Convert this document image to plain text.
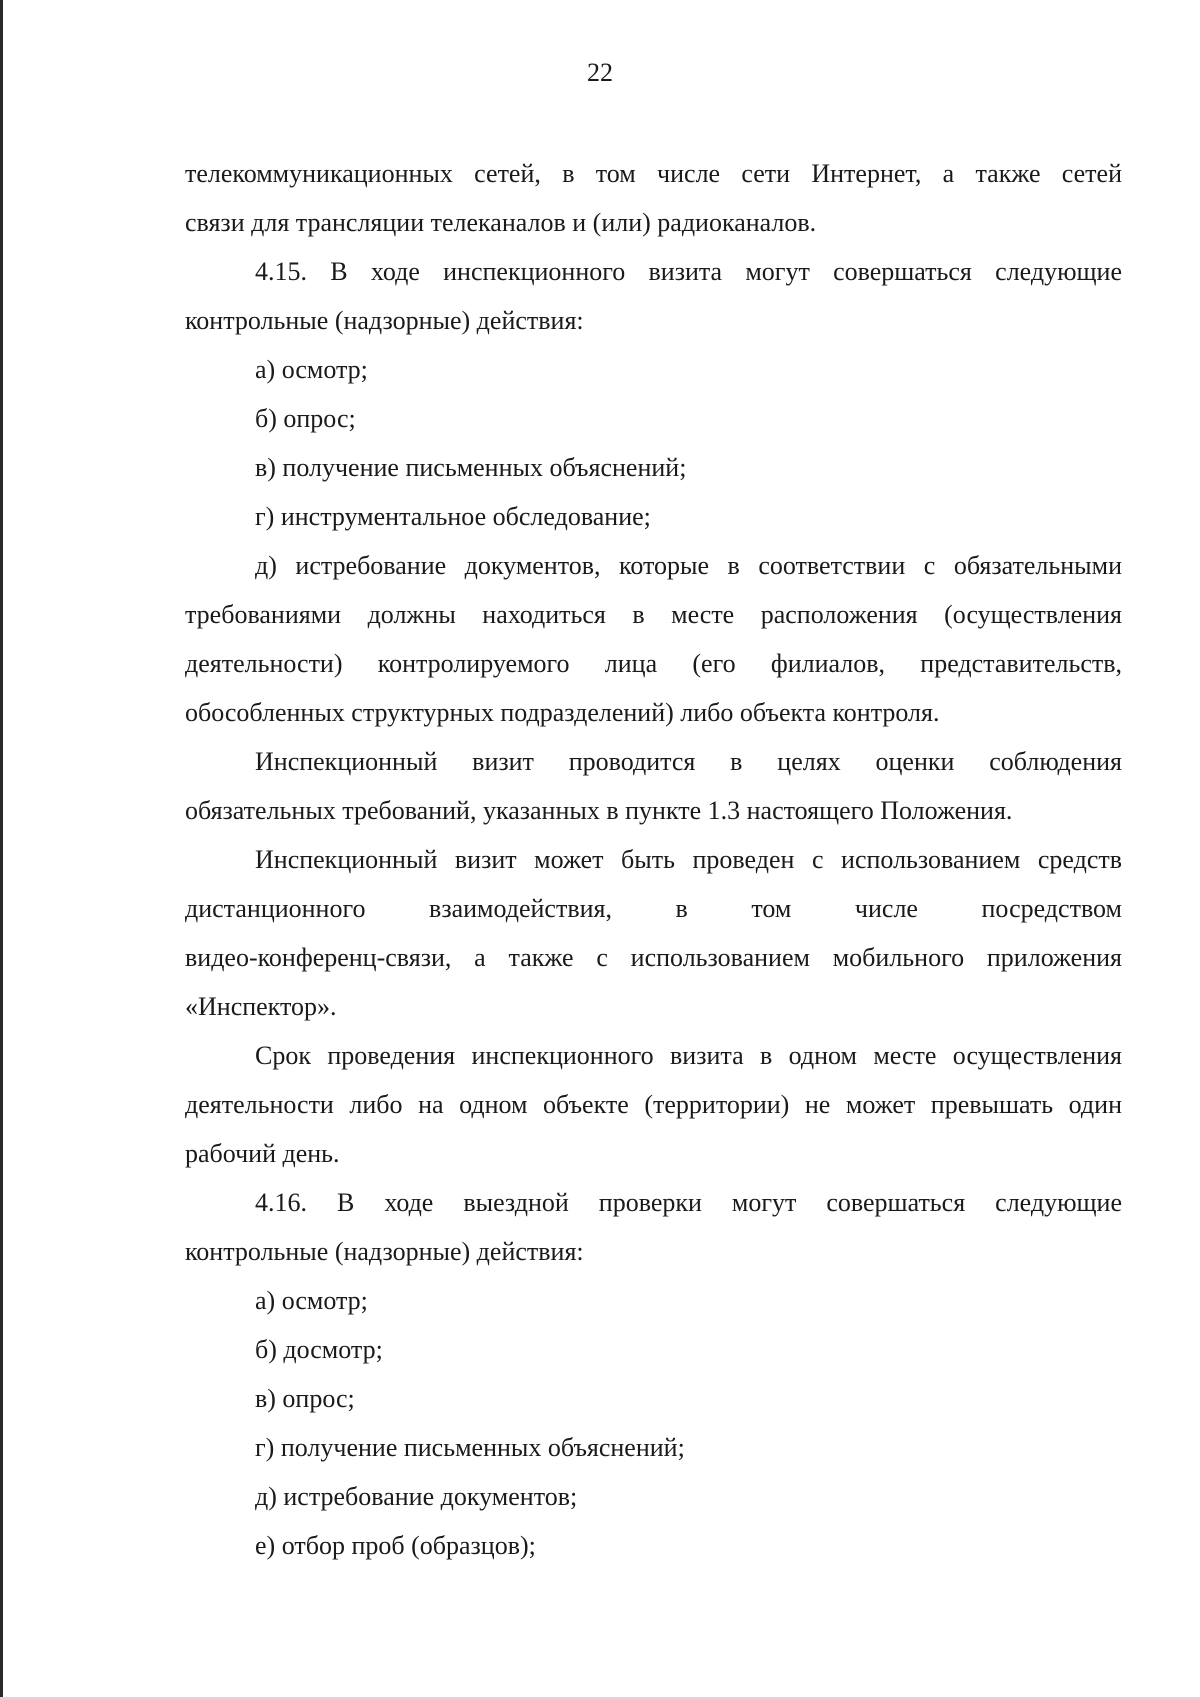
22
телекоммуникационных сетей, в том числе сети Интернет, а также сетей
связи для трансляции телеканалов и (или) радиоканалов.
4.15. В ходе инспекционного визита могут совершаться следующие
контрольные (надзорные) действия:
а) осмотр;
б) опрос;
в) получение письменных объяснений;
г) инструментальное обследование;
д) истребование документов, которые в соответствии с обязательными
требованиями должны находиться в месте расположения (осуществления
деятельности) контролируемого лица (его филиалов, представительств,
обособленных структурных подразделений) либо объекта контроля.
Инспекционный визит проводится в целях оценки соблюдения
обязательных требований, указанных в пункте 1.3 настоящего Положения.
Инспекционный визит может быть проведен с использованием средств
дистанционного взаимодействия, в том числе посредством
видео-конференц-связи, а также с использованием мобильного приложения
«Инспектор».
Срок проведения инспекционного визита в одном месте осуществления
деятельности либо на одном объекте (территории) не может превышать один
рабочий день.
4.16. В ходе выездной проверки могут совершаться следующие
контрольные (надзорные) действия:
а) осмотр;
б) досмотр;
в) опрос;
г) получение письменных объяснений;
д) истребование документов;
е) отбор проб (образцов);
